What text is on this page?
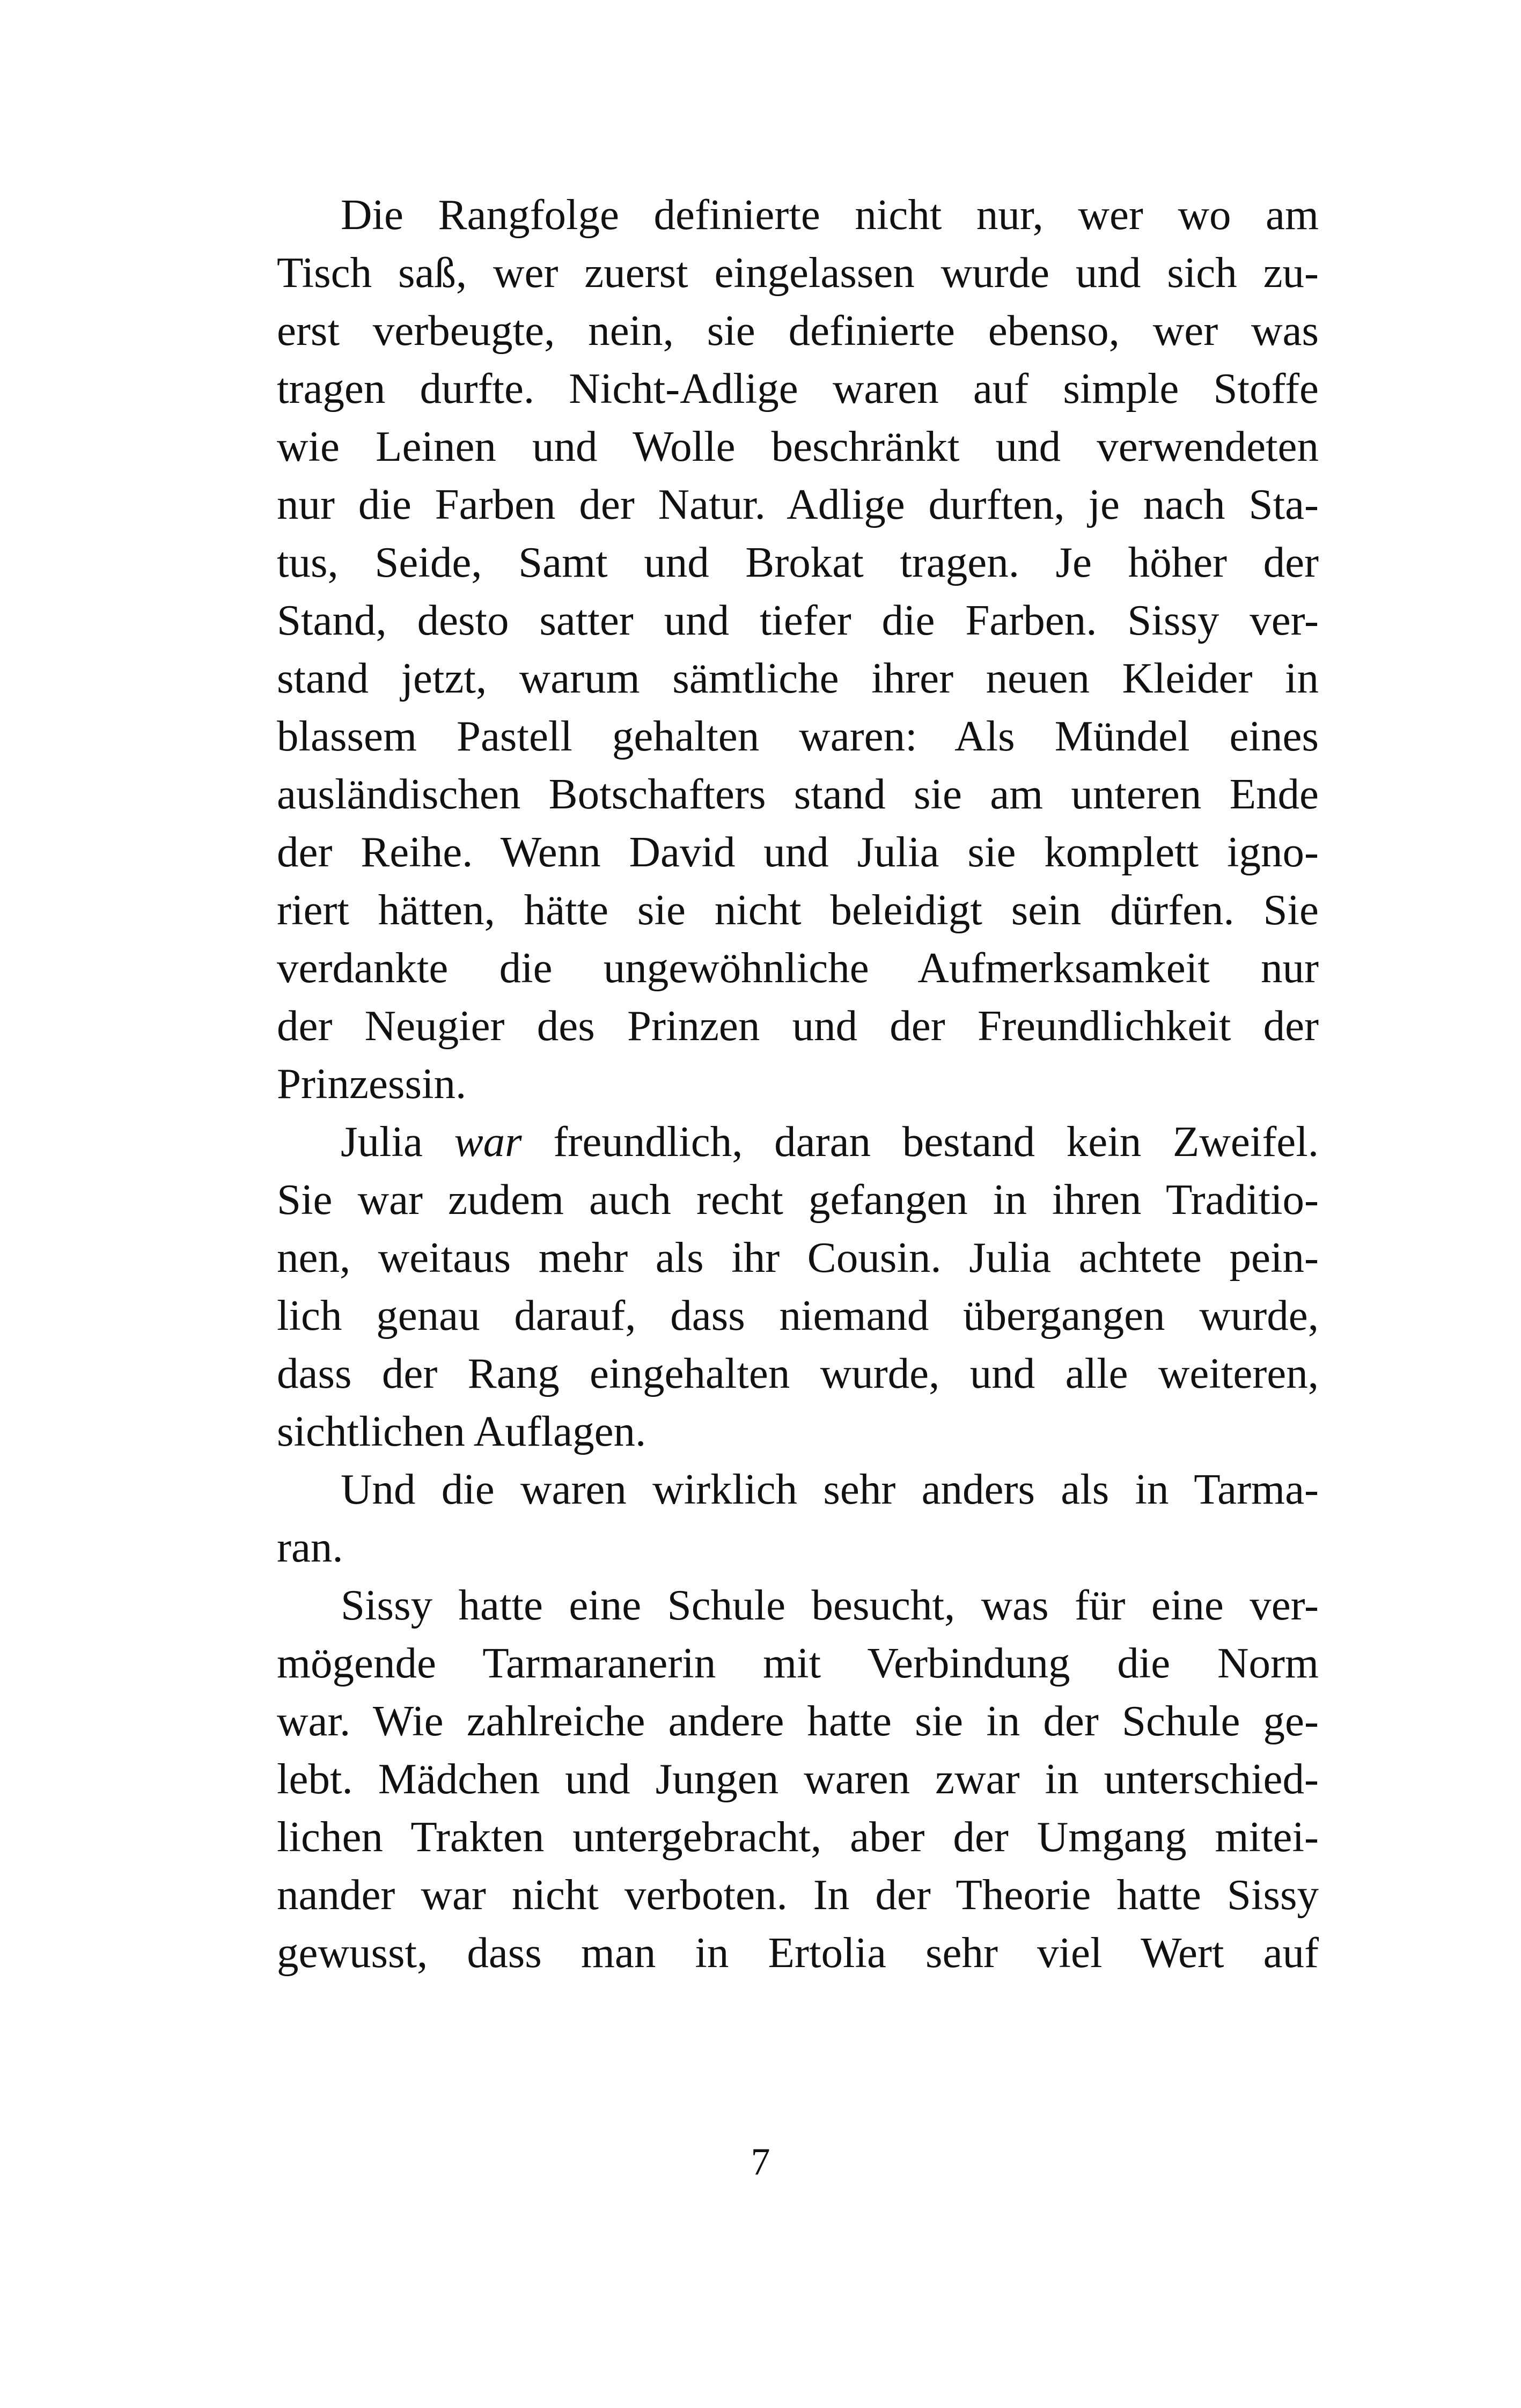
Die Rangfolge definierte nicht nur, wer wo am
Tisch saß, wer zuerst eingelassen wurde und sich zu-
erst verbeugte, nein, sie definierte ebenso, wer was
tragen durfte. Nicht-Adlige waren auf simple Stoffe
wie Leinen und Wolle beschränkt und verwendeten
nur die Farben der Natur. Adlige durften, je nach Sta-
tus, Seide, Samt und Brokat tragen. Je höher der
Stand, desto satter und tiefer die Farben. Sissy ver-
stand jetzt, warum sämtliche ihrer neuen Kleider in
blassem Pastell gehalten waren: Als Mündel eines
ausländischen Botschafters stand sie am unteren Ende
der Reihe. Wenn David und Julia sie komplett igno-
riert hätten, hätte sie nicht beleidigt sein dürfen. Sie
verdankte die ungewöhnliche Aufmerksamkeit nur
der Neugier des Prinzen und der Freundlichkeit der
Prinzessin.
Julia war freundlich, daran bestand kein Zweifel.
Sie war zudem auch recht gefangen in ihren Traditio-
nen, weitaus mehr als ihr Cousin. Julia achtete pein-
lich genau darauf, dass niemand übergangen wurde,
dass der Rang eingehalten wurde, und alle weiteren,
sichtlichen Auflagen.
Und die waren wirklich sehr anders als in Tarma-
ran.
Sissy hatte eine Schule besucht, was für eine ver-
mögende Tarmaranerin mit Verbindung die Norm
war. Wie zahlreiche andere hatte sie in der Schule ge-
lebt. Mädchen und Jungen waren zwar in unterschied-
lichen Trakten untergebracht, aber der Umgang mitei-
nander war nicht verboten. In der Theorie hatte Sissy
gewusst, dass man in Ertolia sehr viel Wert auf
7
